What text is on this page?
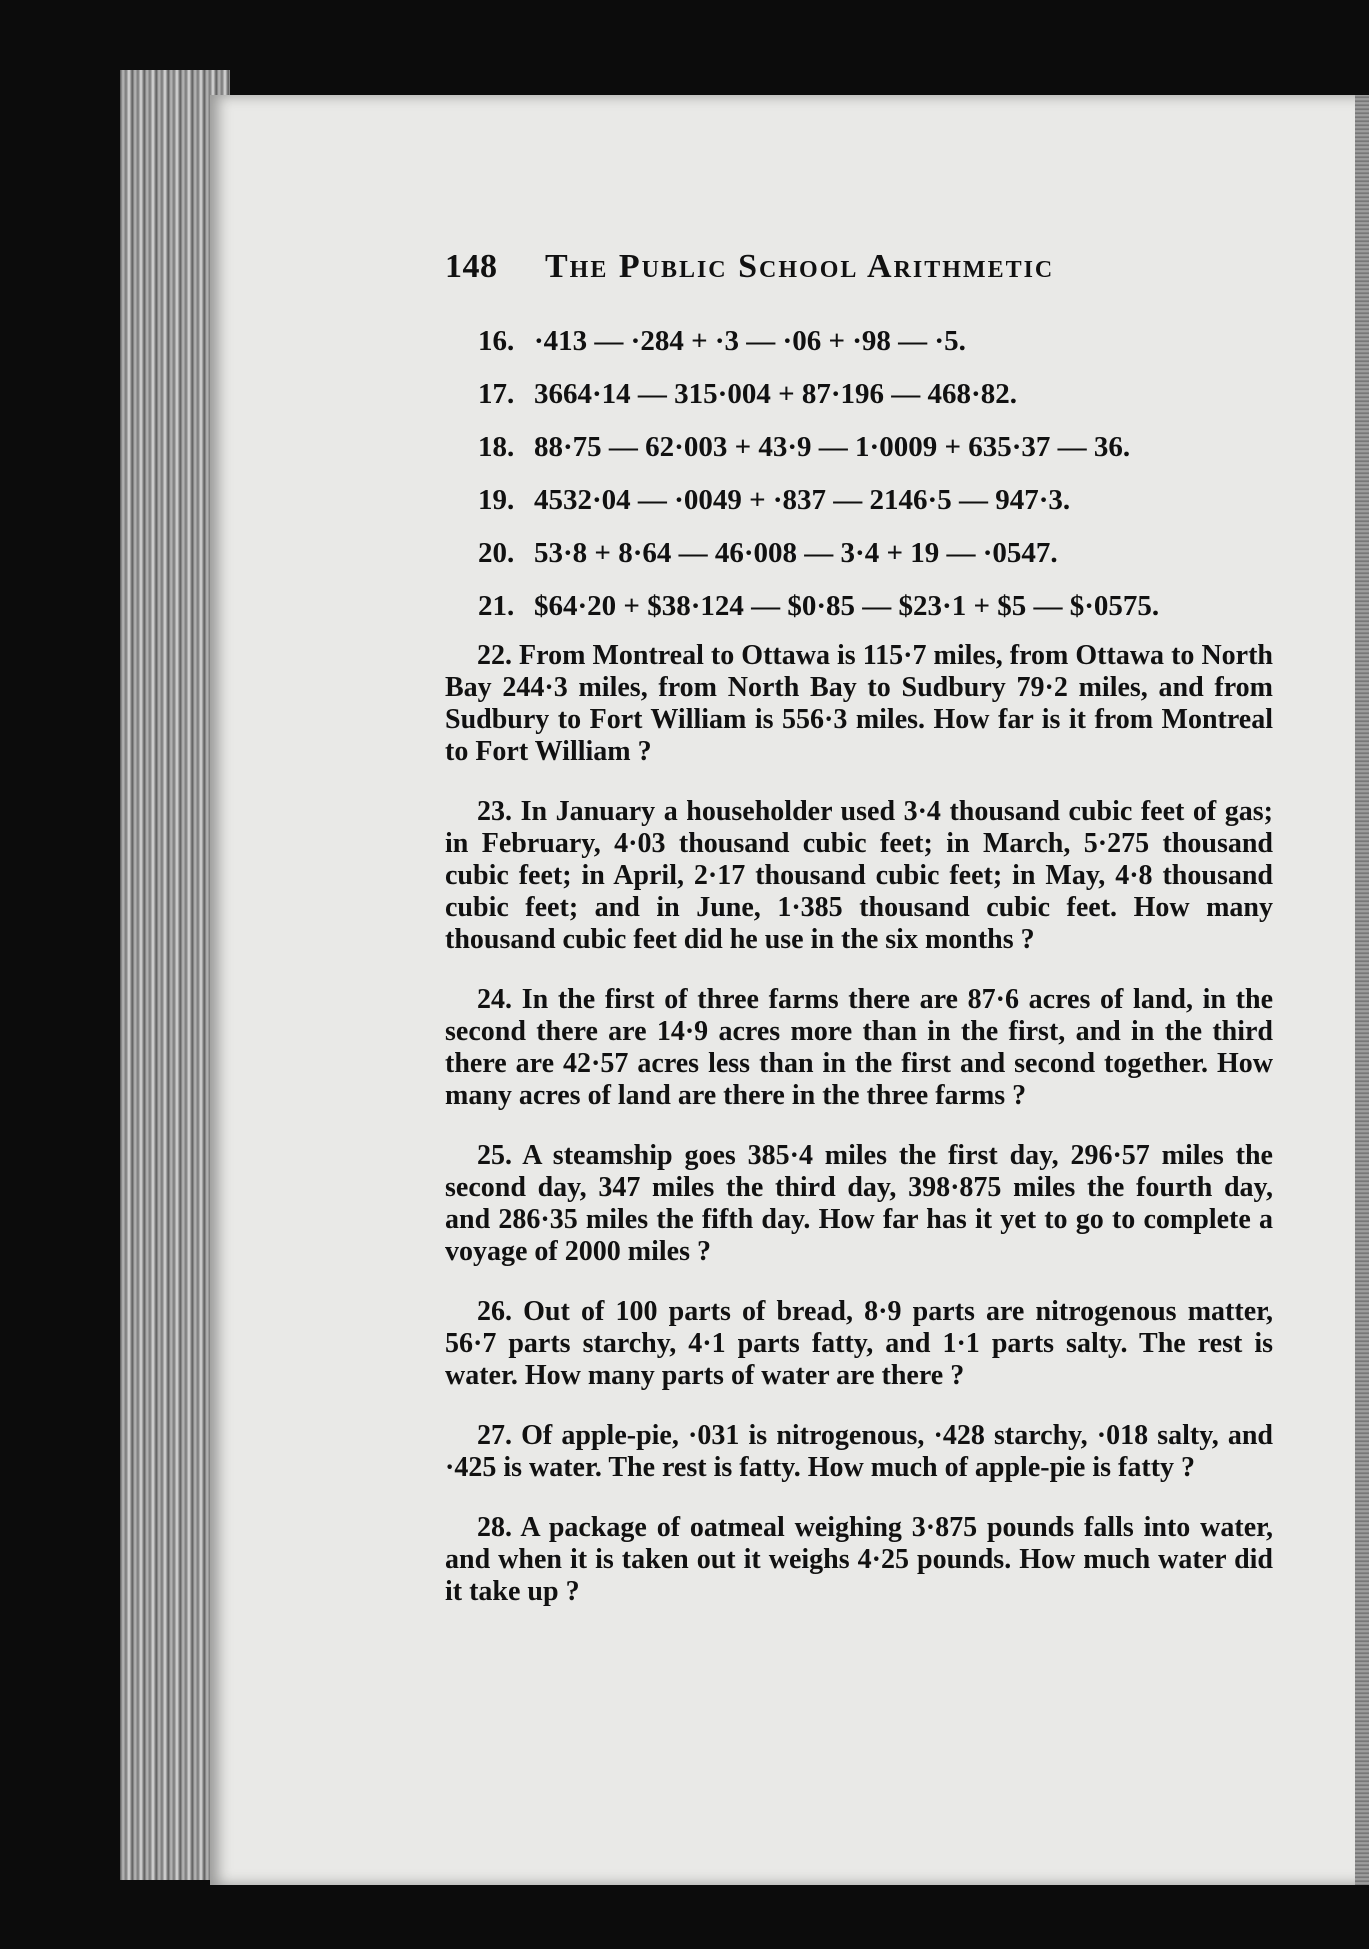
148	The Public School Arithmetic
16. ·413 — ·284 + ·3 — ·06 + ·98 — ·5.
17. 3664·14 — 315·004 + 87·196 — 468·82.
18. 88·75 — 62·003 + 43·9 — 1·0009 + 635·37 — 36.
19. 4532·04 — ·0049 + ·837 — 2146·5 — 947·3.
20. 53·8 + 8·64 — 46·008 — 3·4 + 19 — ·0547.
21. $64·20 + $38·124 — $0·85 — $23·1 + $5 — $·0575.

22. From Montreal to Ottawa is 115·7 miles, from Ottawa to North Bay 244·3 miles, from North Bay to Sudbury 79·2 miles, and from Sudbury to Fort William is 556·3 miles. How far is it from Montreal to Fort William ?

23. In January a householder used 3·4 thousand cubic feet of gas; in February, 4·03 thousand cubic feet; in March, 5·275 thousand cubic feet; in April, 2·17 thousand cubic feet; in May, 4·8 thousand cubic feet; and in June, 1·385 thousand cubic feet. How many thousand cubic feet did he use in the six months ?

24. In the first of three farms there are 87·6 acres of land, in the second there are 14·9 acres more than in the first, and in the third there are 42·57 acres less than in the first and second together. How many acres of land are there in the three farms ?

25. A steamship goes 385·4 miles the first day, 296·57 miles the second day, 347 miles the third day, 398·875 miles the fourth day, and 286·35 miles the fifth day. How far has it yet to go to complete a voyage of 2000 miles ?

26. Out of 100 parts of bread, 8·9 parts are nitrogenous matter, 56·7 parts starchy, 4·1 parts fatty, and 1·1 parts salty. The rest is water. How many parts of water are there ?

27. Of apple-pie, ·031 is nitrogenous, ·428 starchy, ·018 salty, and ·425 is water. The rest is fatty. How much of apple-pie is fatty ?

28. A package of oatmeal weighing 3·875 pounds falls into water, and when it is taken out it weighs 4·25 pounds. How much water did it take up ?
